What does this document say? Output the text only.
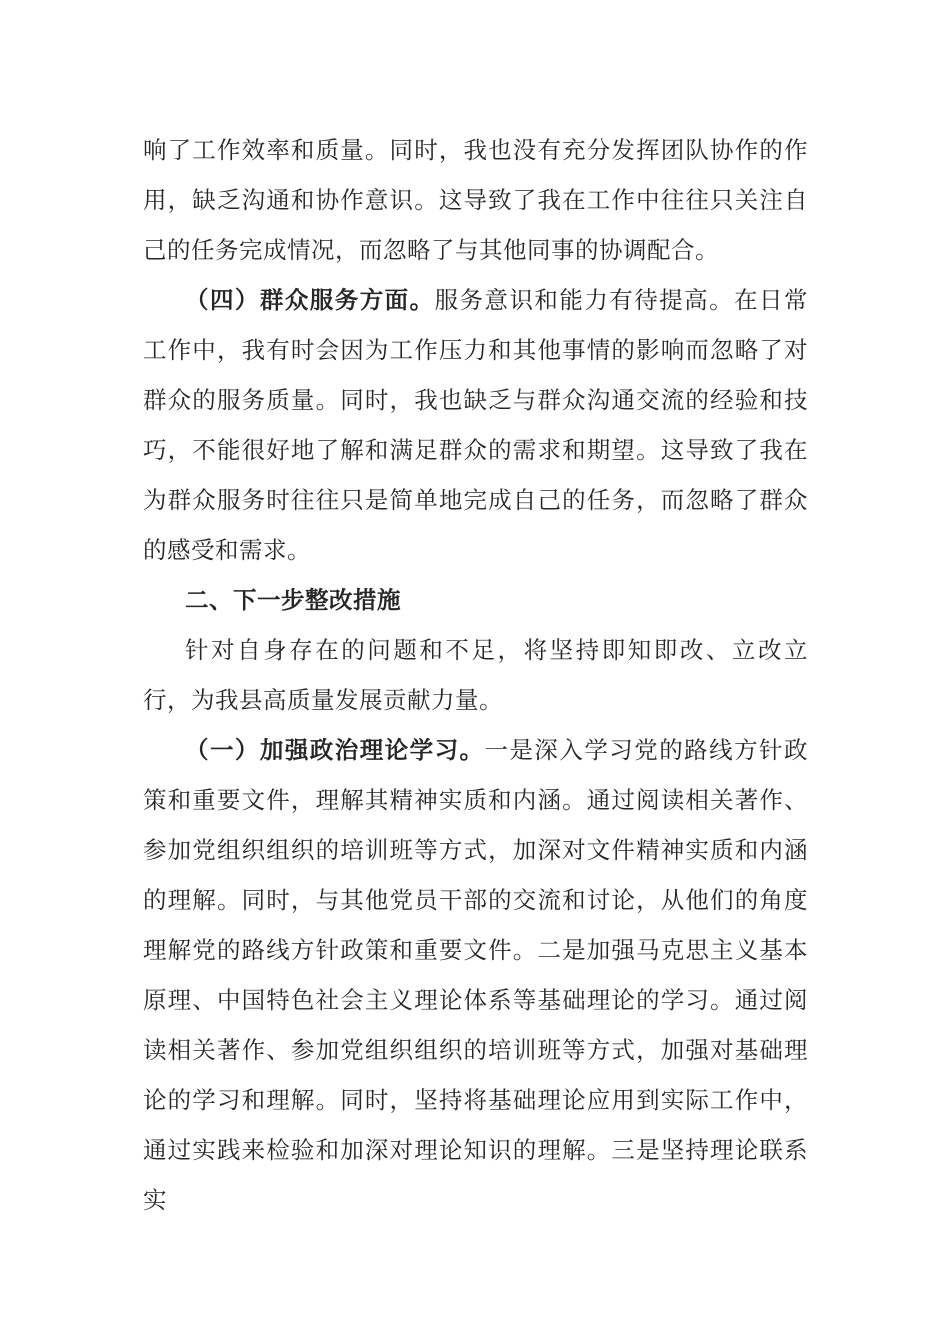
响了工作效率和质量。同时，我也没有充分发挥团队协作的作用，缺乏沟通和协作意识。这导致了我在工作中往往只关注自己的任务完成情况，而忽略了与其他同事的协调配合。

（四）群众服务方面。服务意识和能力有待提高。在日常工作中，我有时会因为工作压力和其他事情的影响而忽略了对群众的服务质量。同时，我也缺乏与群众沟通交流的经验和技巧，不能很好地了解和满足群众的需求和期望。这导致了我在为群众服务时往往只是简单地完成自己的任务，而忽略了群众的感受和需求。

二、下一步整改措施

针对自身存在的问题和不足，将坚持即知即改、立改立行，为我县高质量发展贡献力量。

（一）加强政治理论学习。一是深入学习党的路线方针政策和重要文件，理解其精神实质和内涵。通过阅读相关著作、参加党组织组织的培训班等方式，加深对文件精神实质和内涵的理解。同时，与其他党员干部的交流和讨论，从他们的角度理解党的路线方针政策和重要文件。二是加强马克思主义基本原理、中国特色社会主义理论体系等基础理论的学习。通过阅读相关著作、参加党组织组织的培训班等方式，加强对基础理论的学习和理解。同时，坚持将基础理论应用到实际工作中，通过实践来检验和加深对理论知识的理解。三是坚持理论联系实
